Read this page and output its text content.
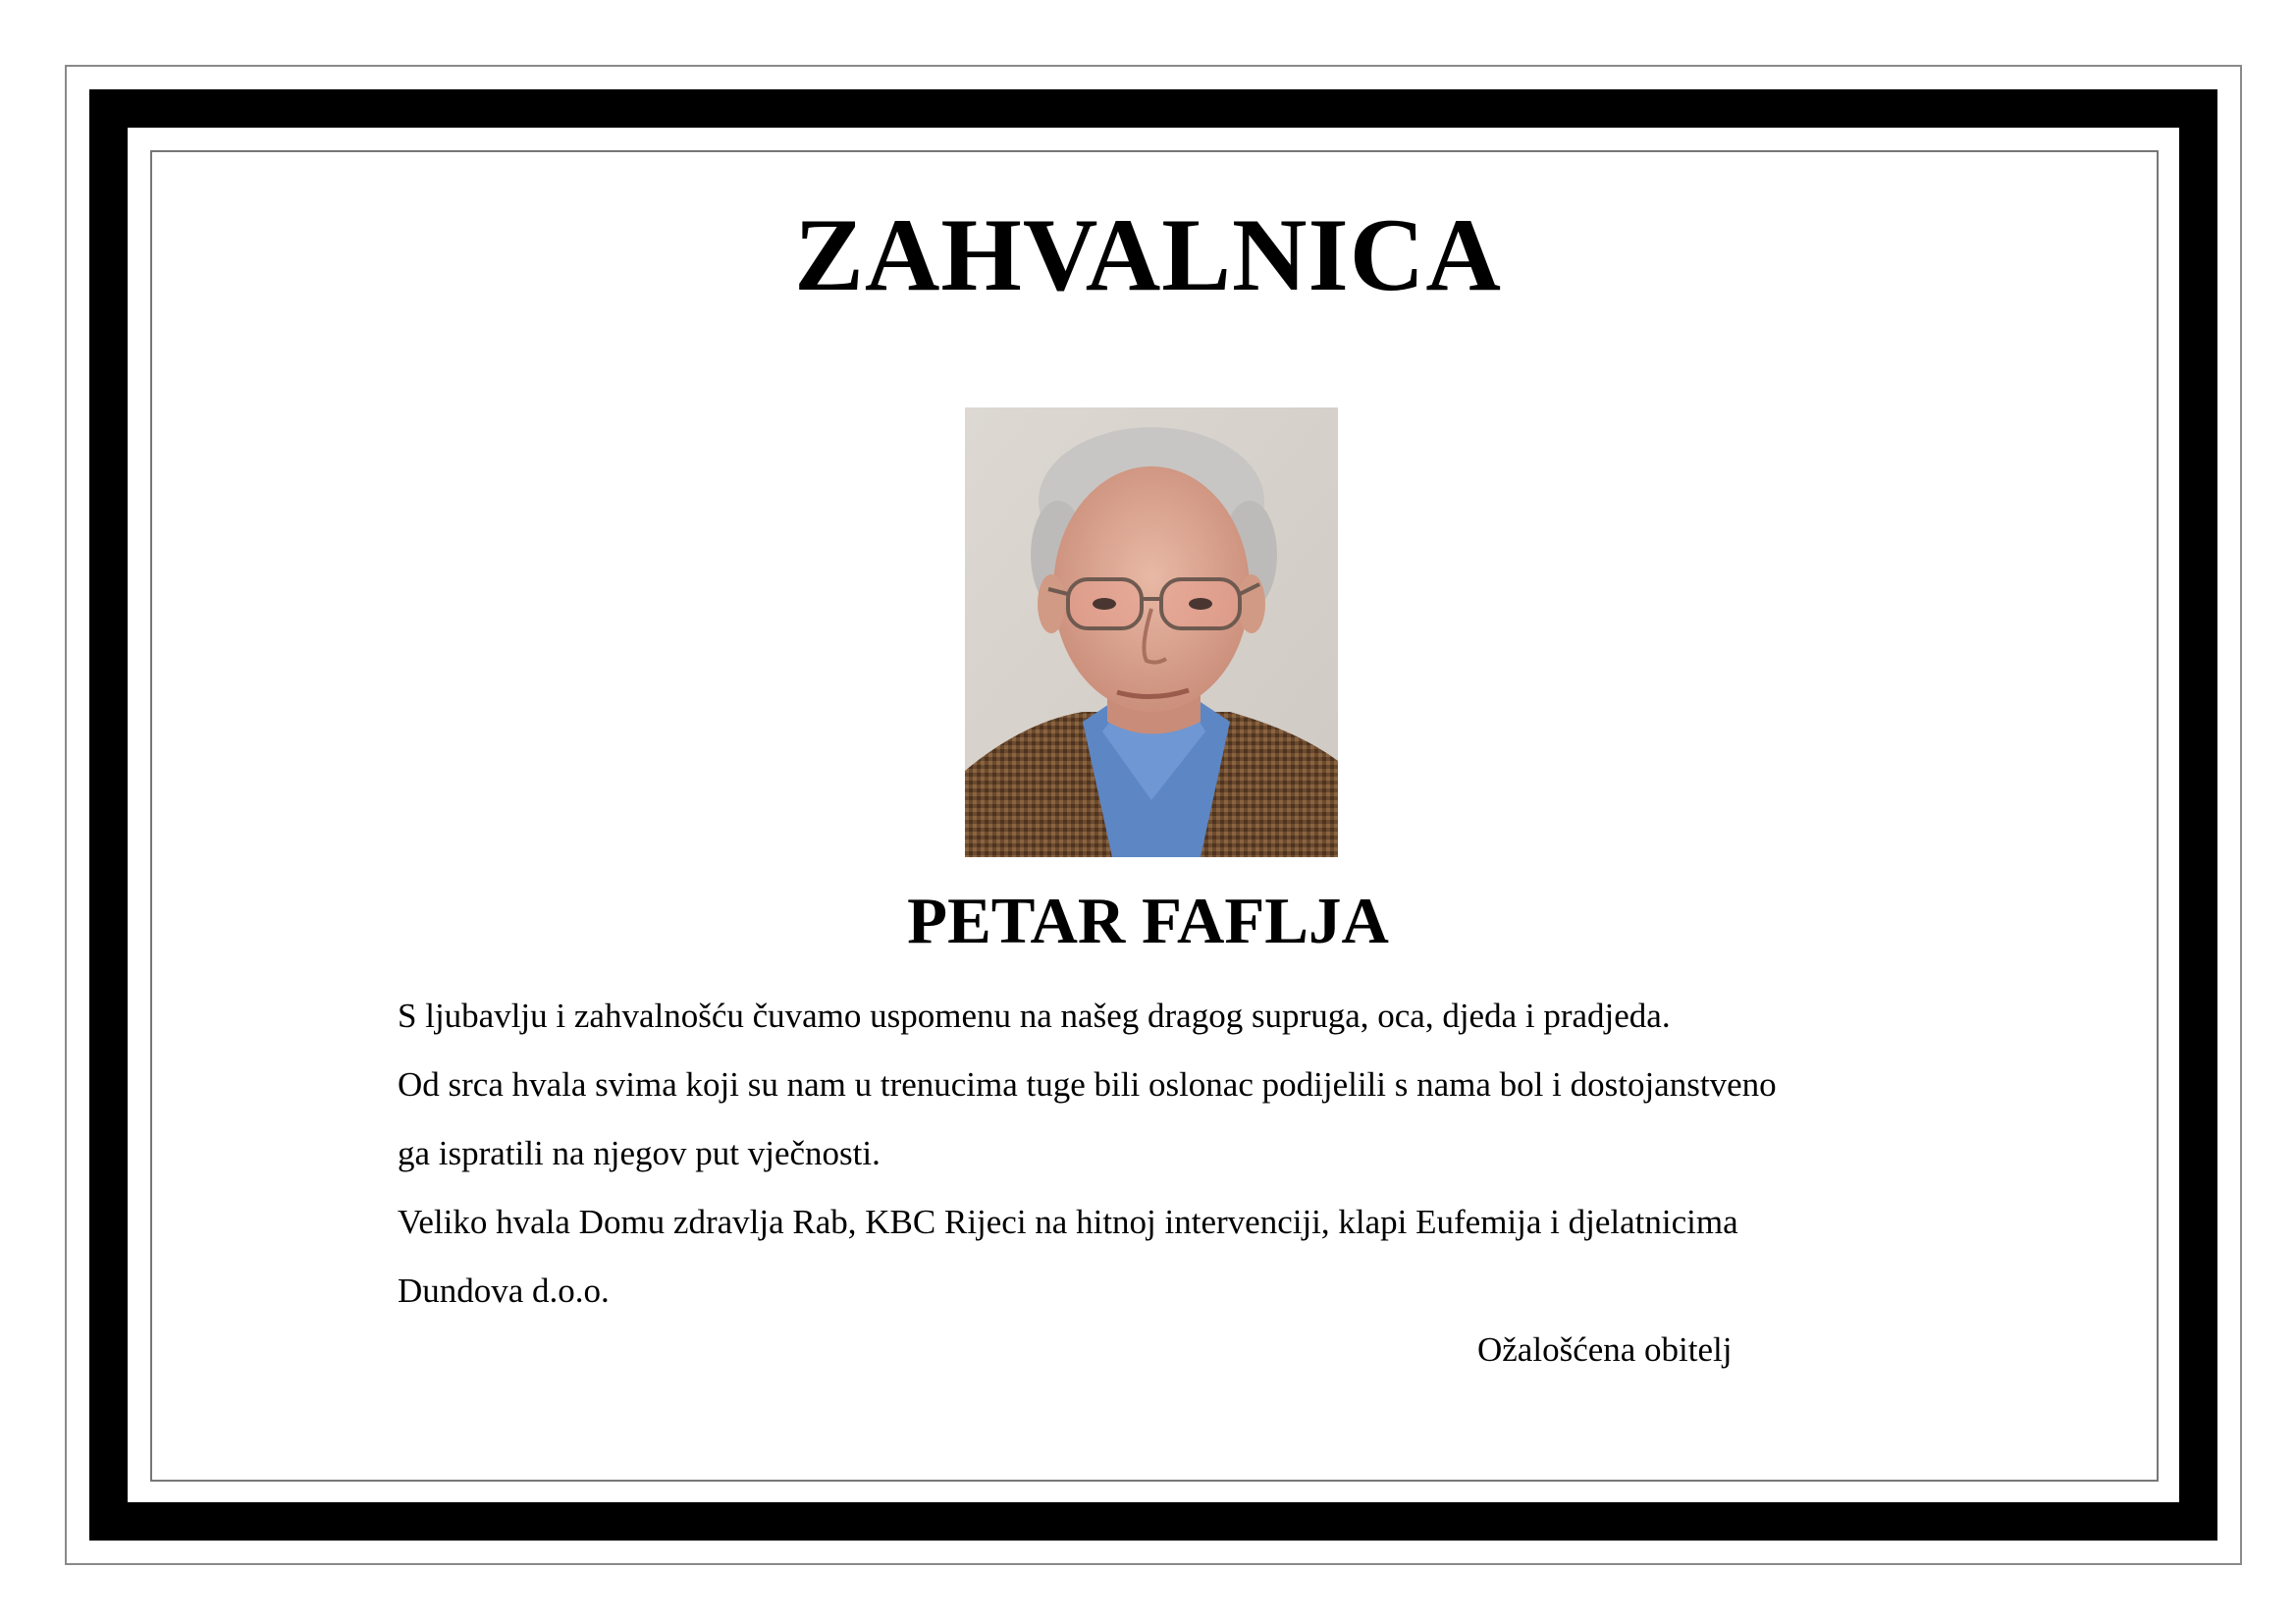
ZAHVALNICA
PETAR FAFLJA

S ljubavlju i zahvalnošću čuvamo uspomenu na našeg dragog supruga, oca, djeda i pradjeda.

Od srca hvala svima koji su nam u trenucima tuge bili oslonac podijelili s nama bol i dostojanstveno

ga ispratili na njegov put vječnosti.

Veliko hvala Domu zdravlja Rab, KBC Rijeci na hitnoj intervenciji, klapi Eufemija i djelatnicima

Dundova d.o.o.

Ožalošćena obitelj
